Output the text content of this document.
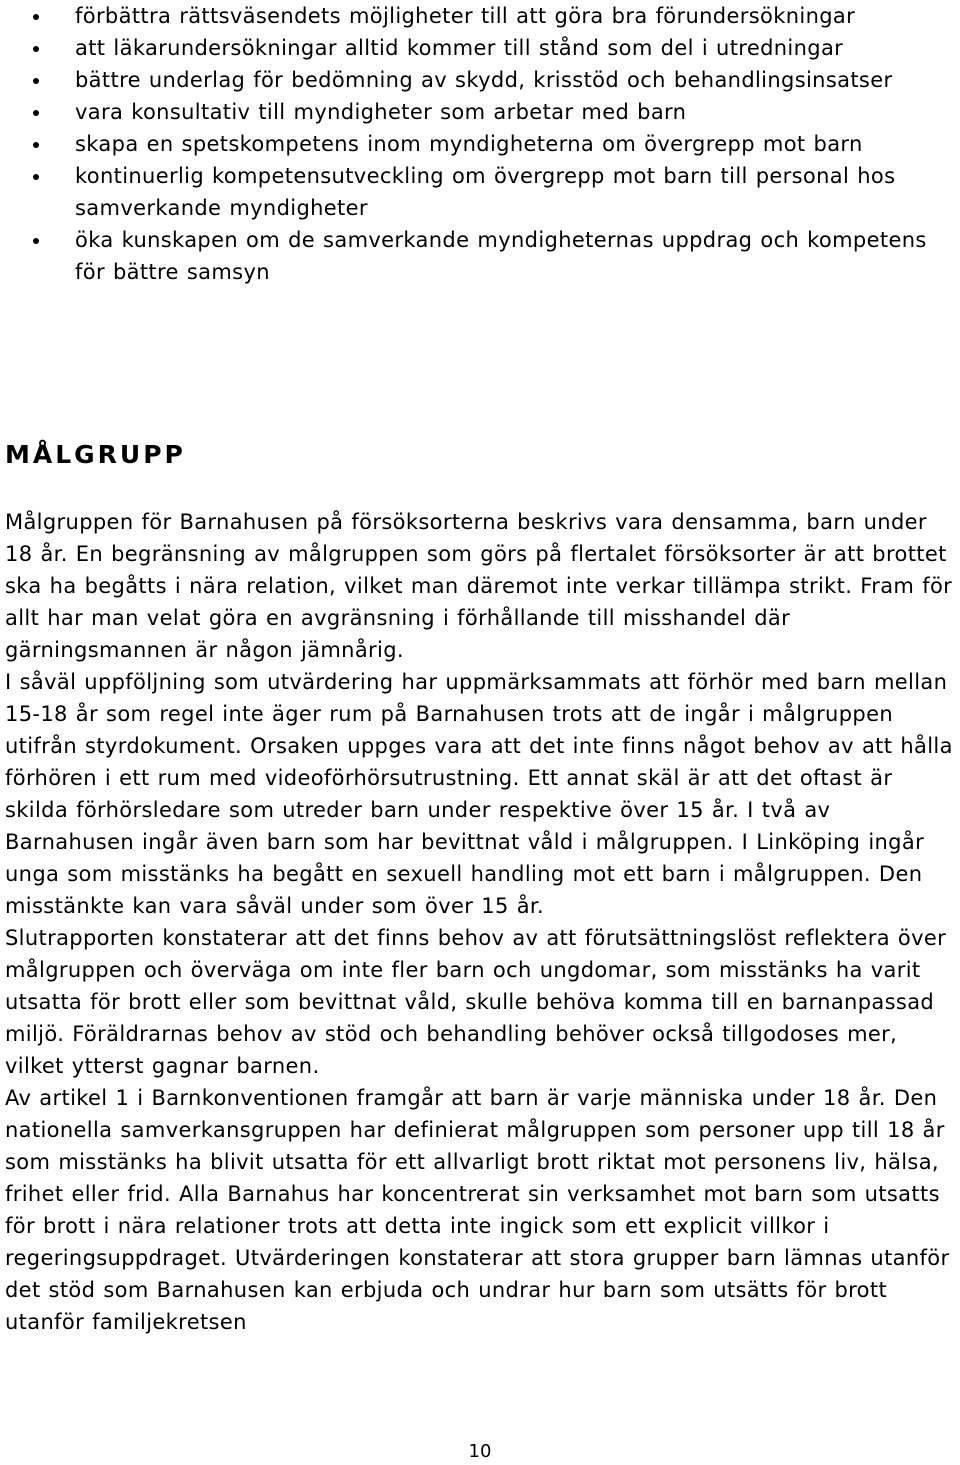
förbättra rättsväsendets möjligheter till att göra bra förundersökningar
att läkarundersökningar alltid kommer till stånd som del i utredningar
bättre underlag för bedömning av skydd, krisstöd och behandlingsinsatser
vara konsultativ till myndigheter som arbetar med barn
skapa en spetskompetens inom myndigheterna om övergrepp mot barn
kontinuerlig kompetensutveckling om övergrepp mot barn till personal hos samverkande myndigheter
öka kunskapen om de samverkande myndigheternas uppdrag och kompetens för bättre samsyn
MÅLGRUPP

Målgruppen för Barnahusen på försöksorterna beskrivs vara densamma, barn under 18 år. En begränsning av målgruppen som görs på flertalet försöksorter är att brottet ska ha begåtts i nära relation, vilket man däremot inte verkar tillämpa strikt. Fram för allt har man velat göra en avgränsning i förhållande till misshandel där gärningsmannen är någon jämnårig.

I såväl uppföljning som utvärdering har uppmärksammats att förhör med barn mellan 15-18 år som regel inte äger rum på Barnahusen trots att de ingår i målgruppen utifrån styrdokument. Orsaken uppges vara att det inte finns något behov av att hålla förhören i ett rum med videoförhörsutrustning. Ett annat skäl är att det oftast är skilda förhörsledare som utreder barn under respektive över 15 år. I två av Barnahusen ingår även barn som har bevittnat våld i målgruppen. I Linköping ingår unga som misstänks ha begått en sexuell handling mot ett barn i målgruppen. Den misstänkte kan vara såväl under som över 15 år.

Slutrapporten konstaterar att det finns behov av att förutsättningslöst reflektera över målgruppen och överväga om inte fler barn och ungdomar, som misstänks ha varit utsatta för brott eller som bevittnat våld, skulle behöva komma till en barnanpassad miljö. Föräldrarnas behov av stöd och behandling behöver också tillgodoses mer, vilket ytterst gagnar barnen.

Av artikel 1 i Barnkonventionen framgår att barn är varje människa under 18 år. Den nationella samverkansgruppen har definierat målgruppen som personer upp till 18 år som misstänks ha blivit utsatta för ett allvarligt brott riktat mot personens liv, hälsa, frihet eller frid. Alla Barnahus har koncentrerat sin verksamhet mot barn som utsatts för brott i nära relationer trots att detta inte ingick som ett explicit villkor i regeringsuppdraget. Utvärderingen konstaterar att stora grupper barn lämnas utanför det stöd som Barnahusen kan erbjuda och undrar hur barn som utsätts för brott utanför familjekretsen

10
